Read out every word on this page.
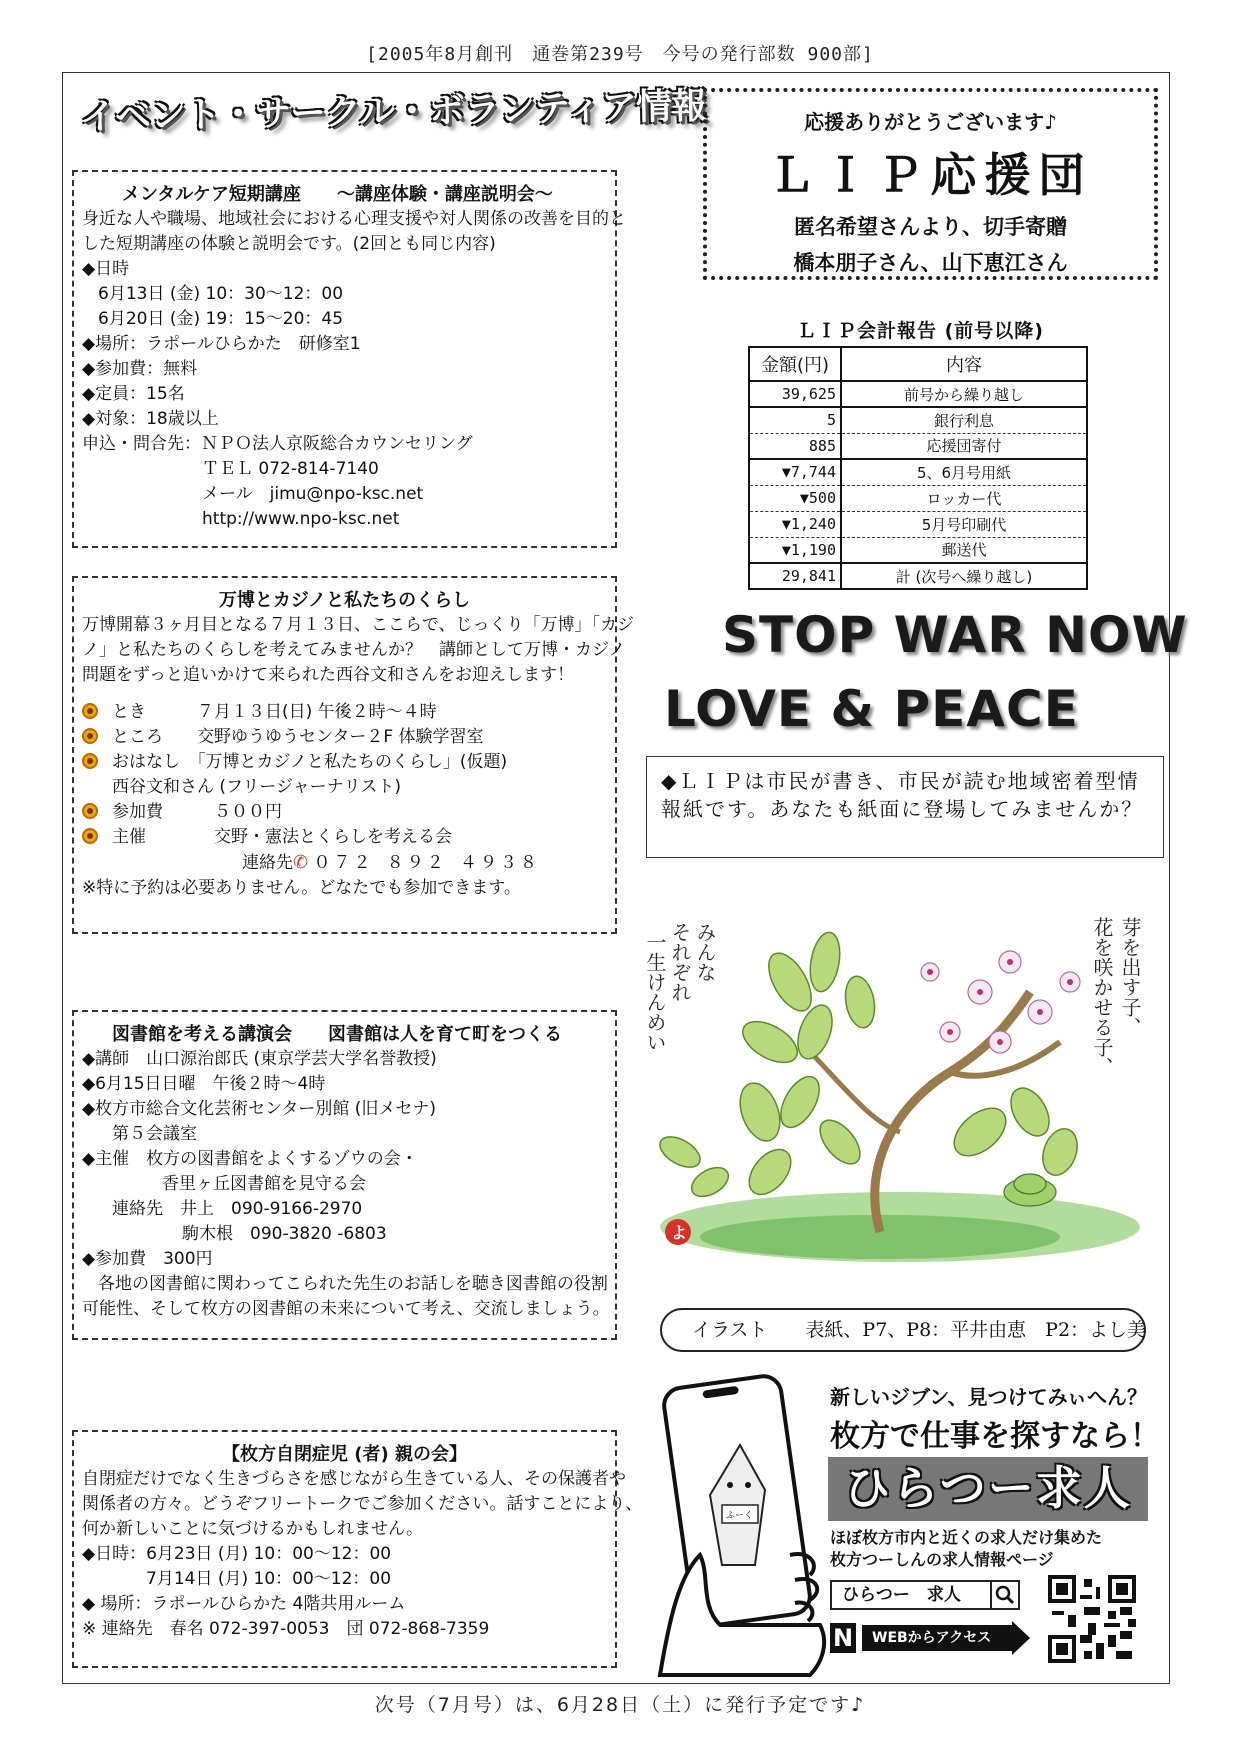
[2005年8月創刊　通巻第239号　今号の発行部数 900部]
イベント・サークル・ボランティア情報
メンタルケア短期講座　　～講座体験・講座説明会～
身近な人や職場、地域社会における心理支援や対人関係の改善を目的と
した短期講座の体験と説明会です。(2回とも同じ内容)
◆日時
6月13日 (金) 10：30～12：00
6月20日 (金) 19：15～20：45
◆場所：ラポールひらかた　研修室1
◆参加費：無料
◆定員：15名
◆対象：18歳以上
申込・問合先：ＮＰＯ法人京阪総合カウンセリング
ＴＥＬ 072-814-7140
メール　jimu@npo-ksc.net
http://www.npo-ksc.net
万博とカジノと私たちのくらし
万博開幕３ヶ月目となる７月１３日、ここらで、じっくり「万博」「カジ
ノ」と私たちのくらしを考えてみませんか？　講師として万博・カジノ
問題をずっと追いかけて来られた西谷文和さんをお迎えします！
とき　　　７月１３日(日) 午後２時～４時
ところ　　交野ゆうゆうセンター２F 体験学習室
おはなし　「万博とカジノと私たちのくらし」(仮題)
西谷文和さん (フリージャーナリスト)
参加費　　　５００円
主催　　　　交野・憲法とくらしを考える会
連絡先✆ ０７２ ８９２ ４９３８
※特に予約は必要ありません。どなたでも参加できます。
図書館を考える講演会　　図書館は人を育て町をつくる
◆講師　山口源治郎氏 (東京学芸大学名誉教授)
◆6月15日日曜　午後２時～4時
◆枚方市総合文化芸術センター別館 (旧メセナ)
第５会議室
◆主催　枚方の図書館をよくするゾウの会・
香里ヶ丘図書館を見守る会
連絡先　井上　090-9166-2970
駒木根　090-3820 -6803
◆参加費　300円
各地の図書館に関わってこられた先生のお話しを聴き図書館の役割
可能性、そして枚方の図書館の未来について考え、交流しましょう。
【枚方自閉症児 (者) 親の会】
自閉症だけでなく生きづらさを感じながら生きている人、その保護者や
関係者の方々。どうぞフリートークでご参加ください。話すことにより、
何か新しいことに気づけるかもしれません。
◆日時：6月23日 (月) 10：00～12：00
7月14日 (月) 10：00～12：00
◆ 場所：ラポールひらかた 4階共用ルーム
※ 連絡先　春名 072-397-0053　団 072-868-7359
応援ありがとうございます♪
ＬＩＰ応援団
匿名希望さんより、切手寄贈
橋本朋子さん、山下恵江さん
ＬＩＰ会計報告 (前号以降)
金額(円)	内容
39,625	前号から繰り越し
5	銀行利息
885	応援団寄付
▼7,744	5、6月号用紙
▼500	ロッカー代
▼1,240	5月号印刷代
▼1,190	郵送代
29,841	計 (次号へ繰り越し)
STOP WAR NOW
LOVE & PEACE
◆ＬＩＰは市民が書き、市民が読む地域密着型情報紙です。あなたも紙面に登場してみませんか？
みんな
それぞれ
一生けんめい	芽を出す子、
花を咲かせる子、
よ
イラスト　　表紙、P7、P8：平井由恵　P2：よし美
ふーく
新しいジブン、見つけてみぃへん？
枚方で仕事を探すなら！
ひらつー求人
ほぼ枚方市内と近くの求人だけ集めた
枚方つーしんの求人情報ページ
ひらつー　求人
N	WEBからアクセス
次号（7月号）は、6月28日（土）に発行予定です♪
